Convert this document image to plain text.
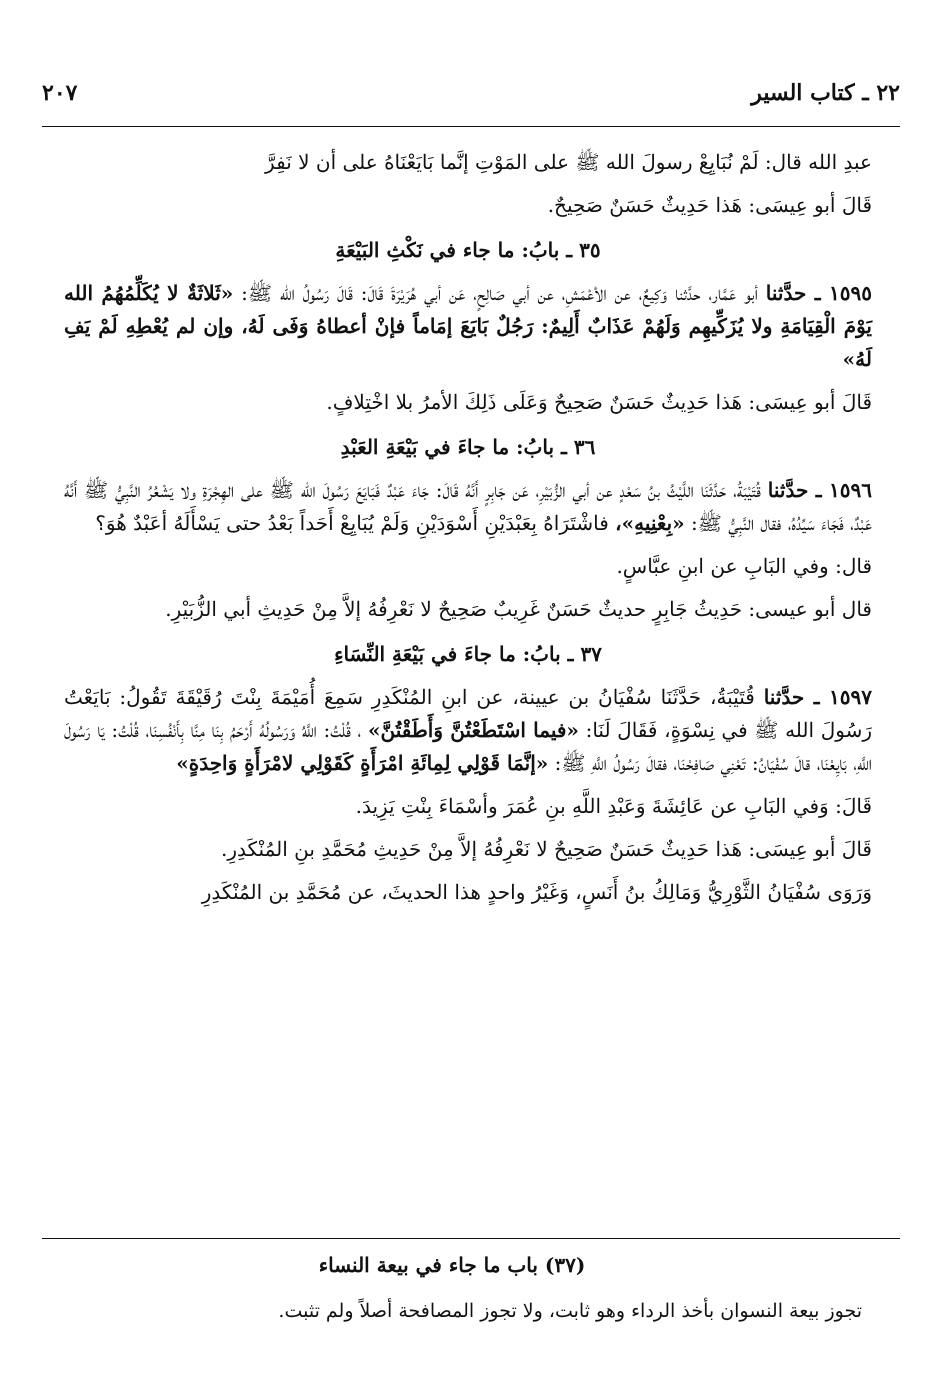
٢٢ ـ كتاب السير
٢٠٧

عبدِ الله قال: لَمْ نُبَايِعْ رسولَ الله ﷺ على المَوْتِ إنَّما بَايَعْنَاهُ على أن لا نَفِرَّ

قَالَ أبو عِيسَى: هَذا حَدِيثٌ حَسَنٌ صَحِيحٌ.

٣٥ ـ بابُ: ما جاء في نَكْثِ البَيْعَةِ

١٥٩٥ ـ حدَّثنا أبو عَمَّار، حدَّثنا وَكِيعٌ، عن الأعْمَشِ، عن أبي صَالِحٍ، عَن أبي هُرَيْرَةَ قَالَ: قَالَ رَسُولُ الله ﷺ: «ثَلاثَةٌ لا يُكَلِّمُهُمُ الله يَوْمَ الْقِيَامَةِ ولا يُزَكِّيهِم وَلَهُمْ عَذَابٌ أَلِيمٌ: رَجُلٌ بَايَعَ إمَاماً فإنْ أعطاهُ وَفَى لَهُ، وإن لم يُعْطِهِ لَمْ يَفِ لَهُ»

قَالَ أبو عِيسَى: هَذا حَدِيثٌ حَسَنٌ صَحِيحٌ وَعَلَى ذَلِكَ الأمرُ بلا اخْتِلافٍ.

٣٦ ـ بابُ: ما جاءَ في بَيْعَةِ العَبْدِ

١٥٩٦ ـ حدَّثنا قُتَيْبَةُ، حَدَّثَنَا اللَّيْثُ بنُ سَعْدٍ عن أبي الزُّبَيْرِ، عَن جَابِرٍ أَنَّهُ قَالَ: جَاءَ عَبْدٌ فَبَايَعَ رَسُولَ الله ﷺ على الهِجْرَةِ ولا يَشْعُرُ النَّبِيُّ ﷺ أَنَّهُ عَبْدٌ، فَجَاءَ سَيِّدُهُ، فقال النَّبِيُّ ﷺ: «بِعْنِيهِ»، فاشْتَرَاهُ بِعَبْدَيْنِ أَسْوَدَيْنِ وَلَمْ يُبَايِعْ أَحَداً بَعْدُ حتى يَسْأَلَهُ أعَبْدٌ هُوَ؟

قال: وفي البَابِ عن ابنِ عبَّاسٍ.

قال أبو عيسى: حَدِيثُ جَابِرٍ حديثٌ حَسَنٌ غَرِيبٌ صَحِيحٌ لا نَعْرِفُهُ إلاَّ مِنْ حَدِيثِ أبي الزُّبَيْرِ.

٣٧ ـ بابُ: ما جاءَ في بَيْعَةِ النِّسَاءِ

١٥٩٧ ـ حدَّثنا قُتَيْبَةُ، حَدَّثَنَا سُفْيَانُ بن عيينة، عن ابنِ المُنْكَدِرِ سَمِعَ أُمَيْمَةَ بِنْتَ رُقَيْقَةَ تَقُولُ: بَايَعْتُ رَسُولَ الله ﷺ في نِسْوَةٍ، فَقَالَ لَنَا: «فيما اسْتَطَعْتُنَّ وَأَطَقْتُنَّ» ، قُلْتُ: اللَّهُ وَرَسُولُهُ أَرْحَمُ بِنَا مِنَّا بِأَنْفُسِنَا، قُلْتُ: يَا رَسُولَ اللَّهِ، بَايِعْنَا، قالَ سُفْيَانُ: تَعْنِي صَافِحْنَا، فقالَ رَسُولُ اللَّهِ ﷺ: «إنَّمَا قَوْلِي لِمِائَةِ امْرَأَةٍ كَقَوْلِي لامْرَأَةٍ وَاحِدَةٍ»

قَالَ: وَفي البَابِ عن عَائِشَةَ وَعَبْدِ اللَّهِ بنِ عُمَرَ وأسْمَاءَ بِنْتِ يَزِيدَ.

قَالَ أبو عِيسَى: هَذا حَدِيثٌ حَسَنٌ صَحِيحٌ لا نَعْرِفُهُ إلاَّ مِنْ حَدِيثِ مُحَمَّدِ بنِ المُنْكَدِرِ.

وَرَوَى سُفْيَانُ الثَّوْرِيُّ وَمَالِكُ بنُ أَنَسٍ، وَغَيْرُ واحدٍ هذا الحديثَ، عن مُحَمَّدِ بن المُنْكَدِرِ

(٣٧) باب ما جاء في بيعة النساء
تجوز بيعة النسوان بأخذ الرداء وهو ثابت، ولا تجوز المصافحة أصلاً ولم تثبت.
